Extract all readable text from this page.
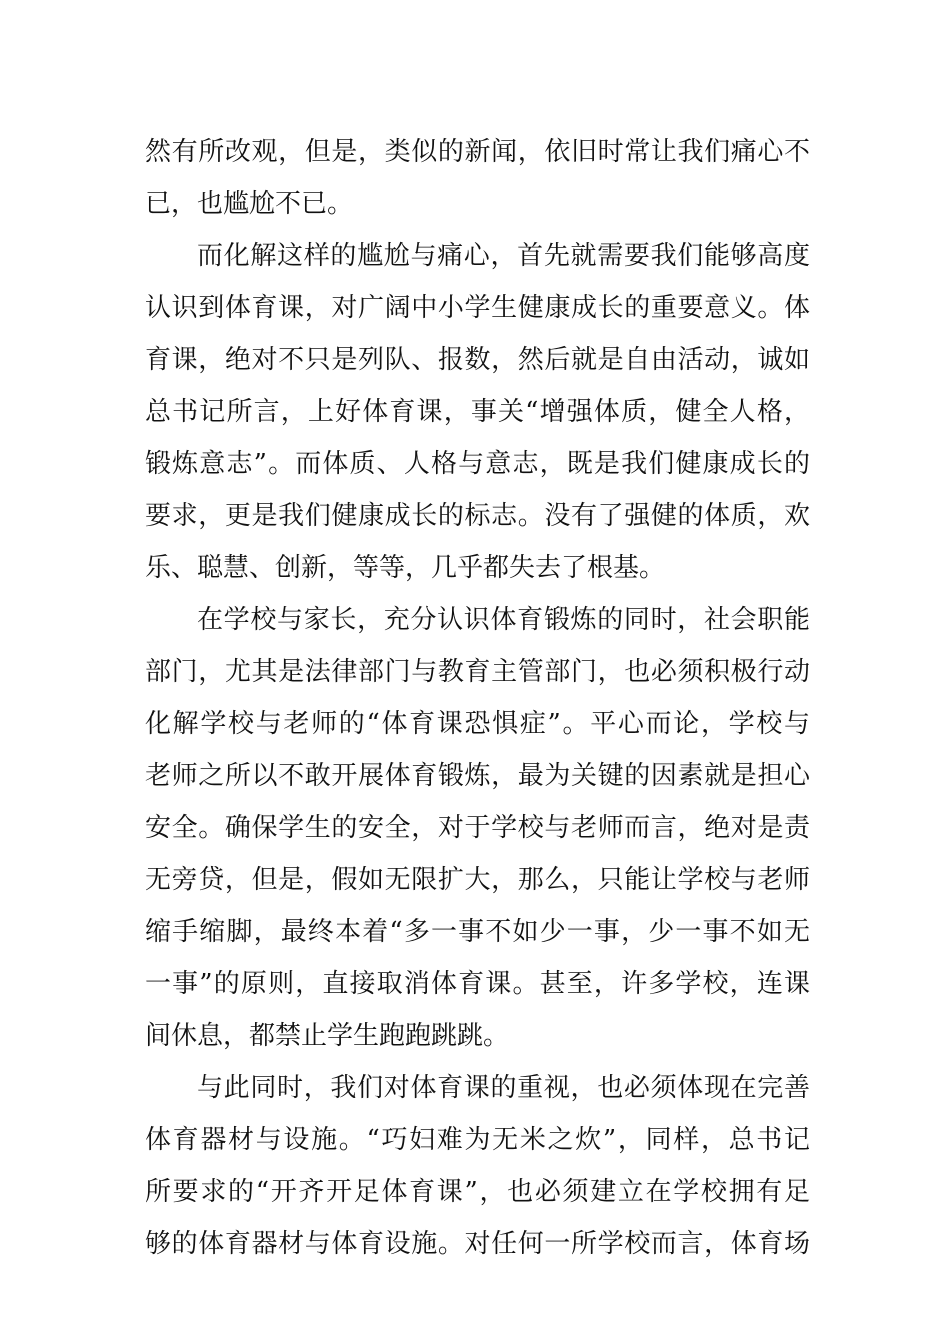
然有所改观，但是，类似的新闻，依旧时常让我们痛心不
已，也尴尬不已。
而化解这样的尴尬与痛心，首先就需要我们能够高度
认识到体育课，对广阔中小学生健康成长的重要意义。体
育课，绝对不只是列队、报数，然后就是自由活动，诚如
总书记所言，上好体育课，事关“增强体质，健全人格，
锻炼意志”。而体质、人格与意志，既是我们健康成长的
要求，更是我们健康成长的标志。没有了强健的体质，欢
乐、聪慧、创新，等等，几乎都失去了根基。
在学校与家长，充分认识体育锻炼的同时，社会职能
部门，尤其是法律部门与教育主管部门，也必须积极行动
化解学校与老师的“体育课恐惧症”。平心而论，学校与
老师之所以不敢开展体育锻炼，最为关键的因素就是担心
安全。确保学生的安全，对于学校与老师而言，绝对是责
无旁贷，但是，假如无限扩大，那么，只能让学校与老师
缩手缩脚，最终本着“多一事不如少一事，少一事不如无
一事”的原则，直接取消体育课。甚至，许多学校，连课
间休息，都禁止学生跑跑跳跳。
与此同时，我们对体育课的重视，也必须体现在完善
体育器材与设施。“巧妇难为无米之炊”，同样，总书记
所要求的“开齐开足体育课”，也必须建立在学校拥有足
够的体育器材与体育设施。对任何一所学校而言，体育场
